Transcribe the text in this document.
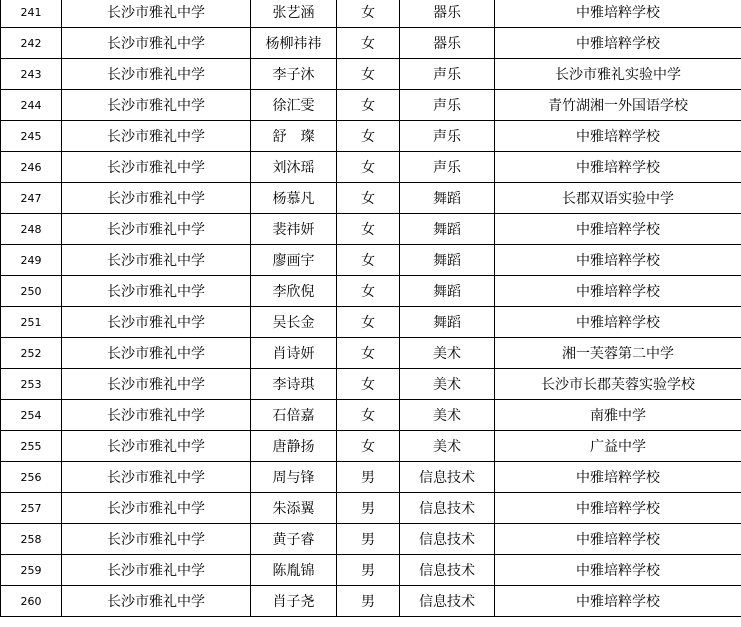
241	长沙市雅礼中学	张艺涵	女	器乐	中雅培粹学校
242	长沙市雅礼中学	杨柳祎祎	女	器乐	中雅培粹学校
243	长沙市雅礼中学	李子沐	女	声乐	长沙市雅礼实验中学
244	长沙市雅礼中学	徐汇雯	女	声乐	青竹湖湘一外国语学校
245	长沙市雅礼中学	舒　璨	女	声乐	中雅培粹学校
246	长沙市雅礼中学	刘沐瑶	女	声乐	中雅培粹学校
247	长沙市雅礼中学	杨慕凡	女	舞蹈	长郡双语实验中学
248	长沙市雅礼中学	裴祎妍	女	舞蹈	中雅培粹学校
249	长沙市雅礼中学	廖画宇	女	舞蹈	中雅培粹学校
250	长沙市雅礼中学	李欣倪	女	舞蹈	中雅培粹学校
251	长沙市雅礼中学	吴长金	女	舞蹈	中雅培粹学校
252	长沙市雅礼中学	肖诗妍	女	美术	湘一芙蓉第二中学
253	长沙市雅礼中学	李诗琪	女	美术	长沙市长郡芙蓉实验学校
254	长沙市雅礼中学	石倍嘉	女	美术	南雅中学
255	长沙市雅礼中学	唐静扬	女	美术	广益中学
256	长沙市雅礼中学	周与锋	男	信息技术	中雅培粹学校
257	长沙市雅礼中学	朱添翼	男	信息技术	中雅培粹学校
258	长沙市雅礼中学	黄子睿	男	信息技术	中雅培粹学校
259	长沙市雅礼中学	陈胤锦	男	信息技术	中雅培粹学校
260	长沙市雅礼中学	肖子尧	男	信息技术	中雅培粹学校
